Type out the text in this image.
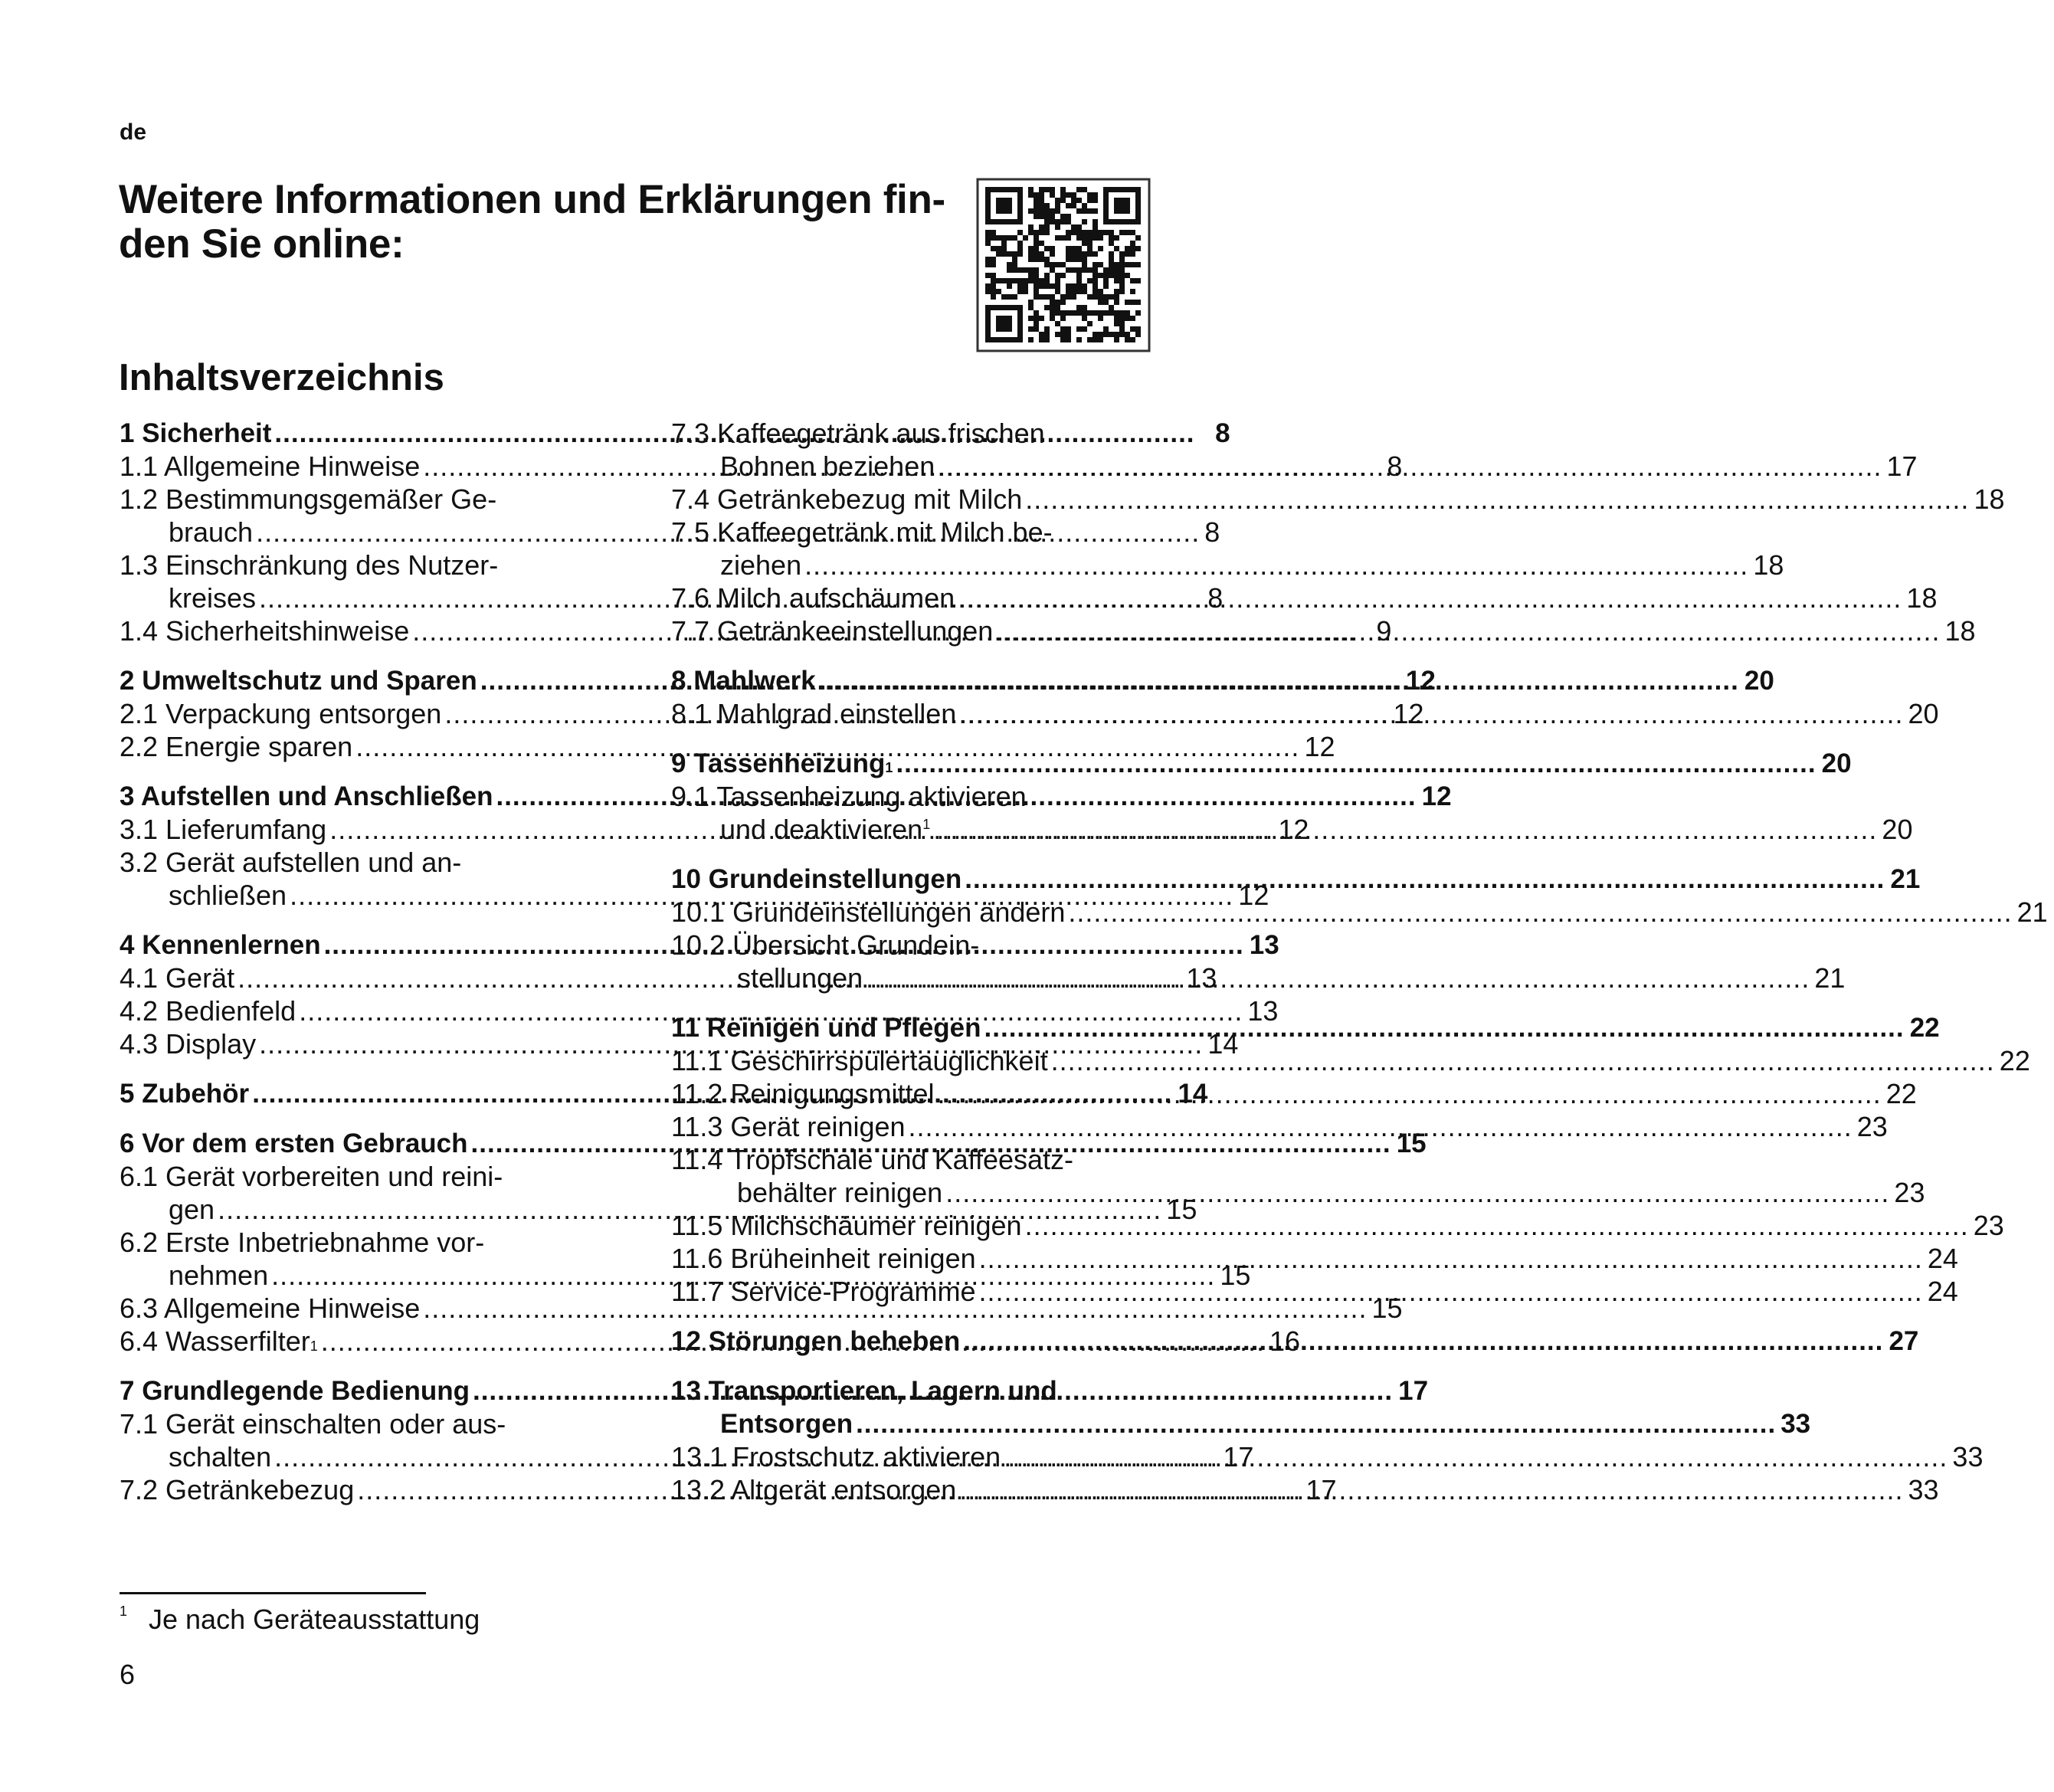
de
Weitere Informationen und Erklärungen fin-
den Sie online:
Inhaltsverzeichnis
1 Sicherheit .....	8
1.1 Allgemeine Hinweise .....	8
1.2 Bestimmungsgemäßer Ge-
brauch .....	8
1.3 Einschränkung des Nutzer-
kreises .....	8
1.4 Sicherheitshinweise .....	9
2 Umweltschutz und Sparen .....	12
2.1 Verpackung entsorgen .....	12
2.2 Energie sparen .....	12
3 Aufstellen und Anschließen .....	12
3.1 Lieferumfang .....	12
3.2 Gerät aufstellen und an-
schließen .....	12
4 Kennenlernen .....	13
4.1 Gerät .....	13
4.2 Bedienfeld .....	13
4.3 Display .....	14
5 Zubehör .....	14
6 Vor dem ersten Gebrauch .....	15
6.1 Gerät vorbereiten und reini-
gen .....	15
6.2 Erste Inbetriebnahme vor-
nehmen .....	15
6.3 Allgemeine Hinweise .....	15
6.4 Wasserfilter 1 .....	16
7 Grundlegende Bedienung .....	17
7.1 Gerät einschalten oder aus-
schalten .....	17
7.2 Getränkebezug .....	17
7.3 Kaffeegetränk aus frischen
Bohnen beziehen .....	17
7.4 Getränkebezug mit Milch .....	18
7.5 Kaffeegetränk mit Milch be-
ziehen .....	18
7.6 Milch aufschäumen .....	18
7.7 Getränkeeinstellungen .....	18
8 Mahlwerk .....	20
8.1 Mahlgrad einstellen .....	20
9 Tassenheizung 1 .....	20
9.1 Tassenheizung aktivieren
und deaktivieren$^1$ .....	20
10 Grundeinstellungen .....	21
10.1 Grundeinstellungen ändern .....	21
10.2 Übersicht Grundein-
stellungen .....	21
11 Reinigen und Pflegen .....	22
11.1 Geschirrspülertauglichkeit .....	22
11.2 Reinigungsmittel .....	22
11.3 Gerät reinigen .....	23
11.4 Tropfschale und Kaffeesatz-
behälter reinigen .....	23
11.5 Milchschäumer reinigen .....	23
11.6 Brüheinheit reinigen .....	24
11.7 Service-Programme .....	24
12 Störungen beheben .....	27
13 Transportieren, Lagern und
Entsorgen .....	33
13.1 Frostschutz aktivieren .....	33
13.2 Altgerät entsorgen .....	33
$^1$ Je nach Geräteausstattung
6
